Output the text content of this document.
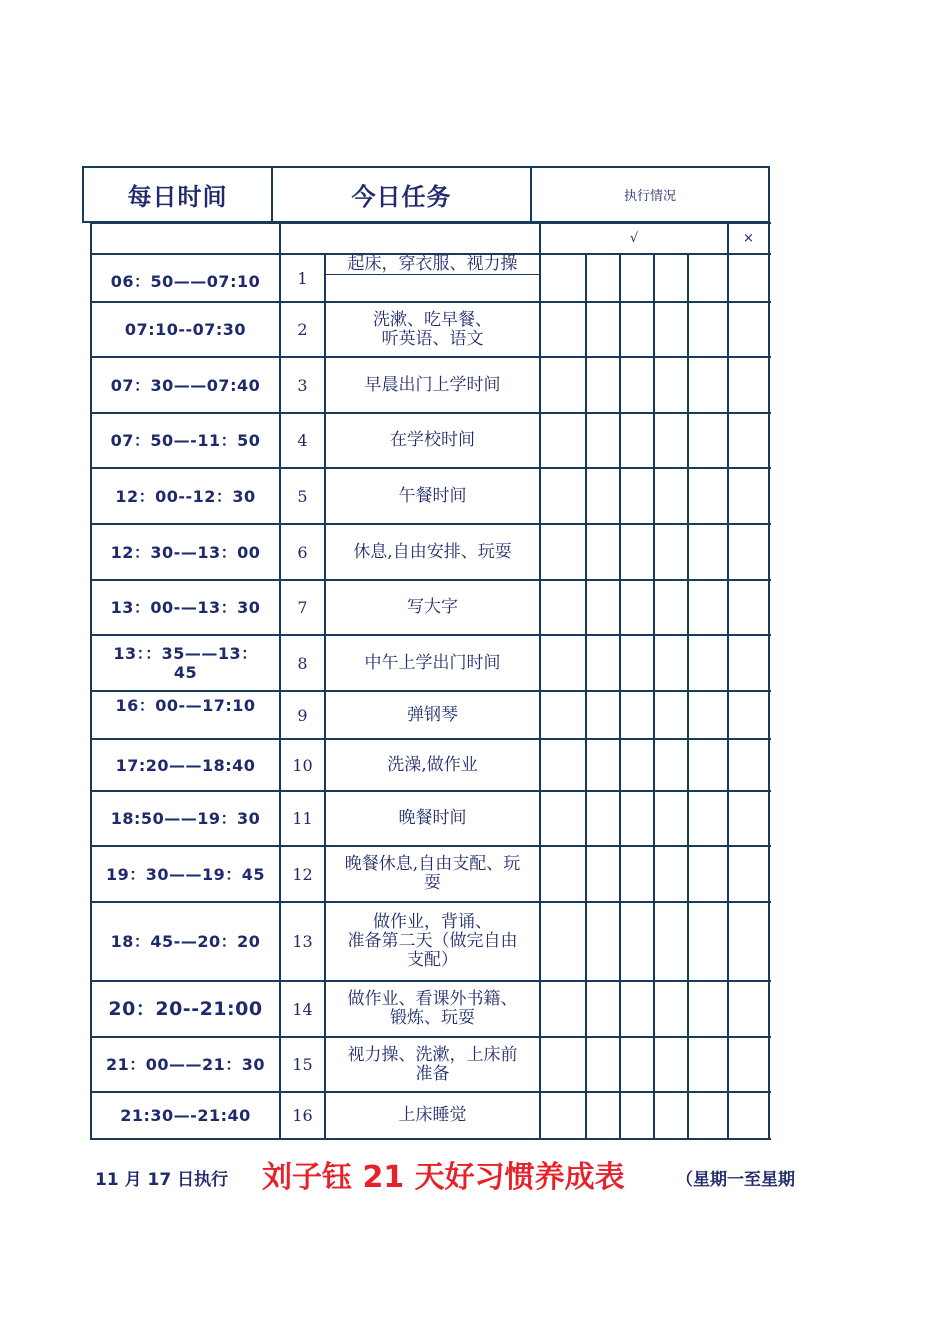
每日时间	今日任务	执行情况
√	×
06：50——07:10 1
起床，穿衣服、视力操
07:10--07:30	2	洗漱、吃早餐、
听英语、语文
07：30——07:40 3	早晨出门上学时间
07：50—-11：50 4	在学校时间
12：00--12：30	5	午餐时间
12：30-—13：00 6	休息,自由安排、玩耍
13：00-—13：30 7	写大字
13：：35——13：
45	8	中午上学出门时间
16：00-—17:10	9	弹钢琴
17:20——18:40 10	洗澡,做作业
18:50——19：30 11	晚餐时间
19：30——19：45 12	晚餐休息,自由支配、玩
耍
18：45-—20：20 13
做作业，背诵、
准备第二天（做完自由
支配）
20：20--21:00 14	做作业、看课外书籍、
锻炼、玩耍
21：00——21：30 15	视力操、洗漱，上床前
准备
21:30—-21:40	16	上床睡觉
11 月 17 日执行 刘子钰 21 天好习惯养成表	（星期一至星期
